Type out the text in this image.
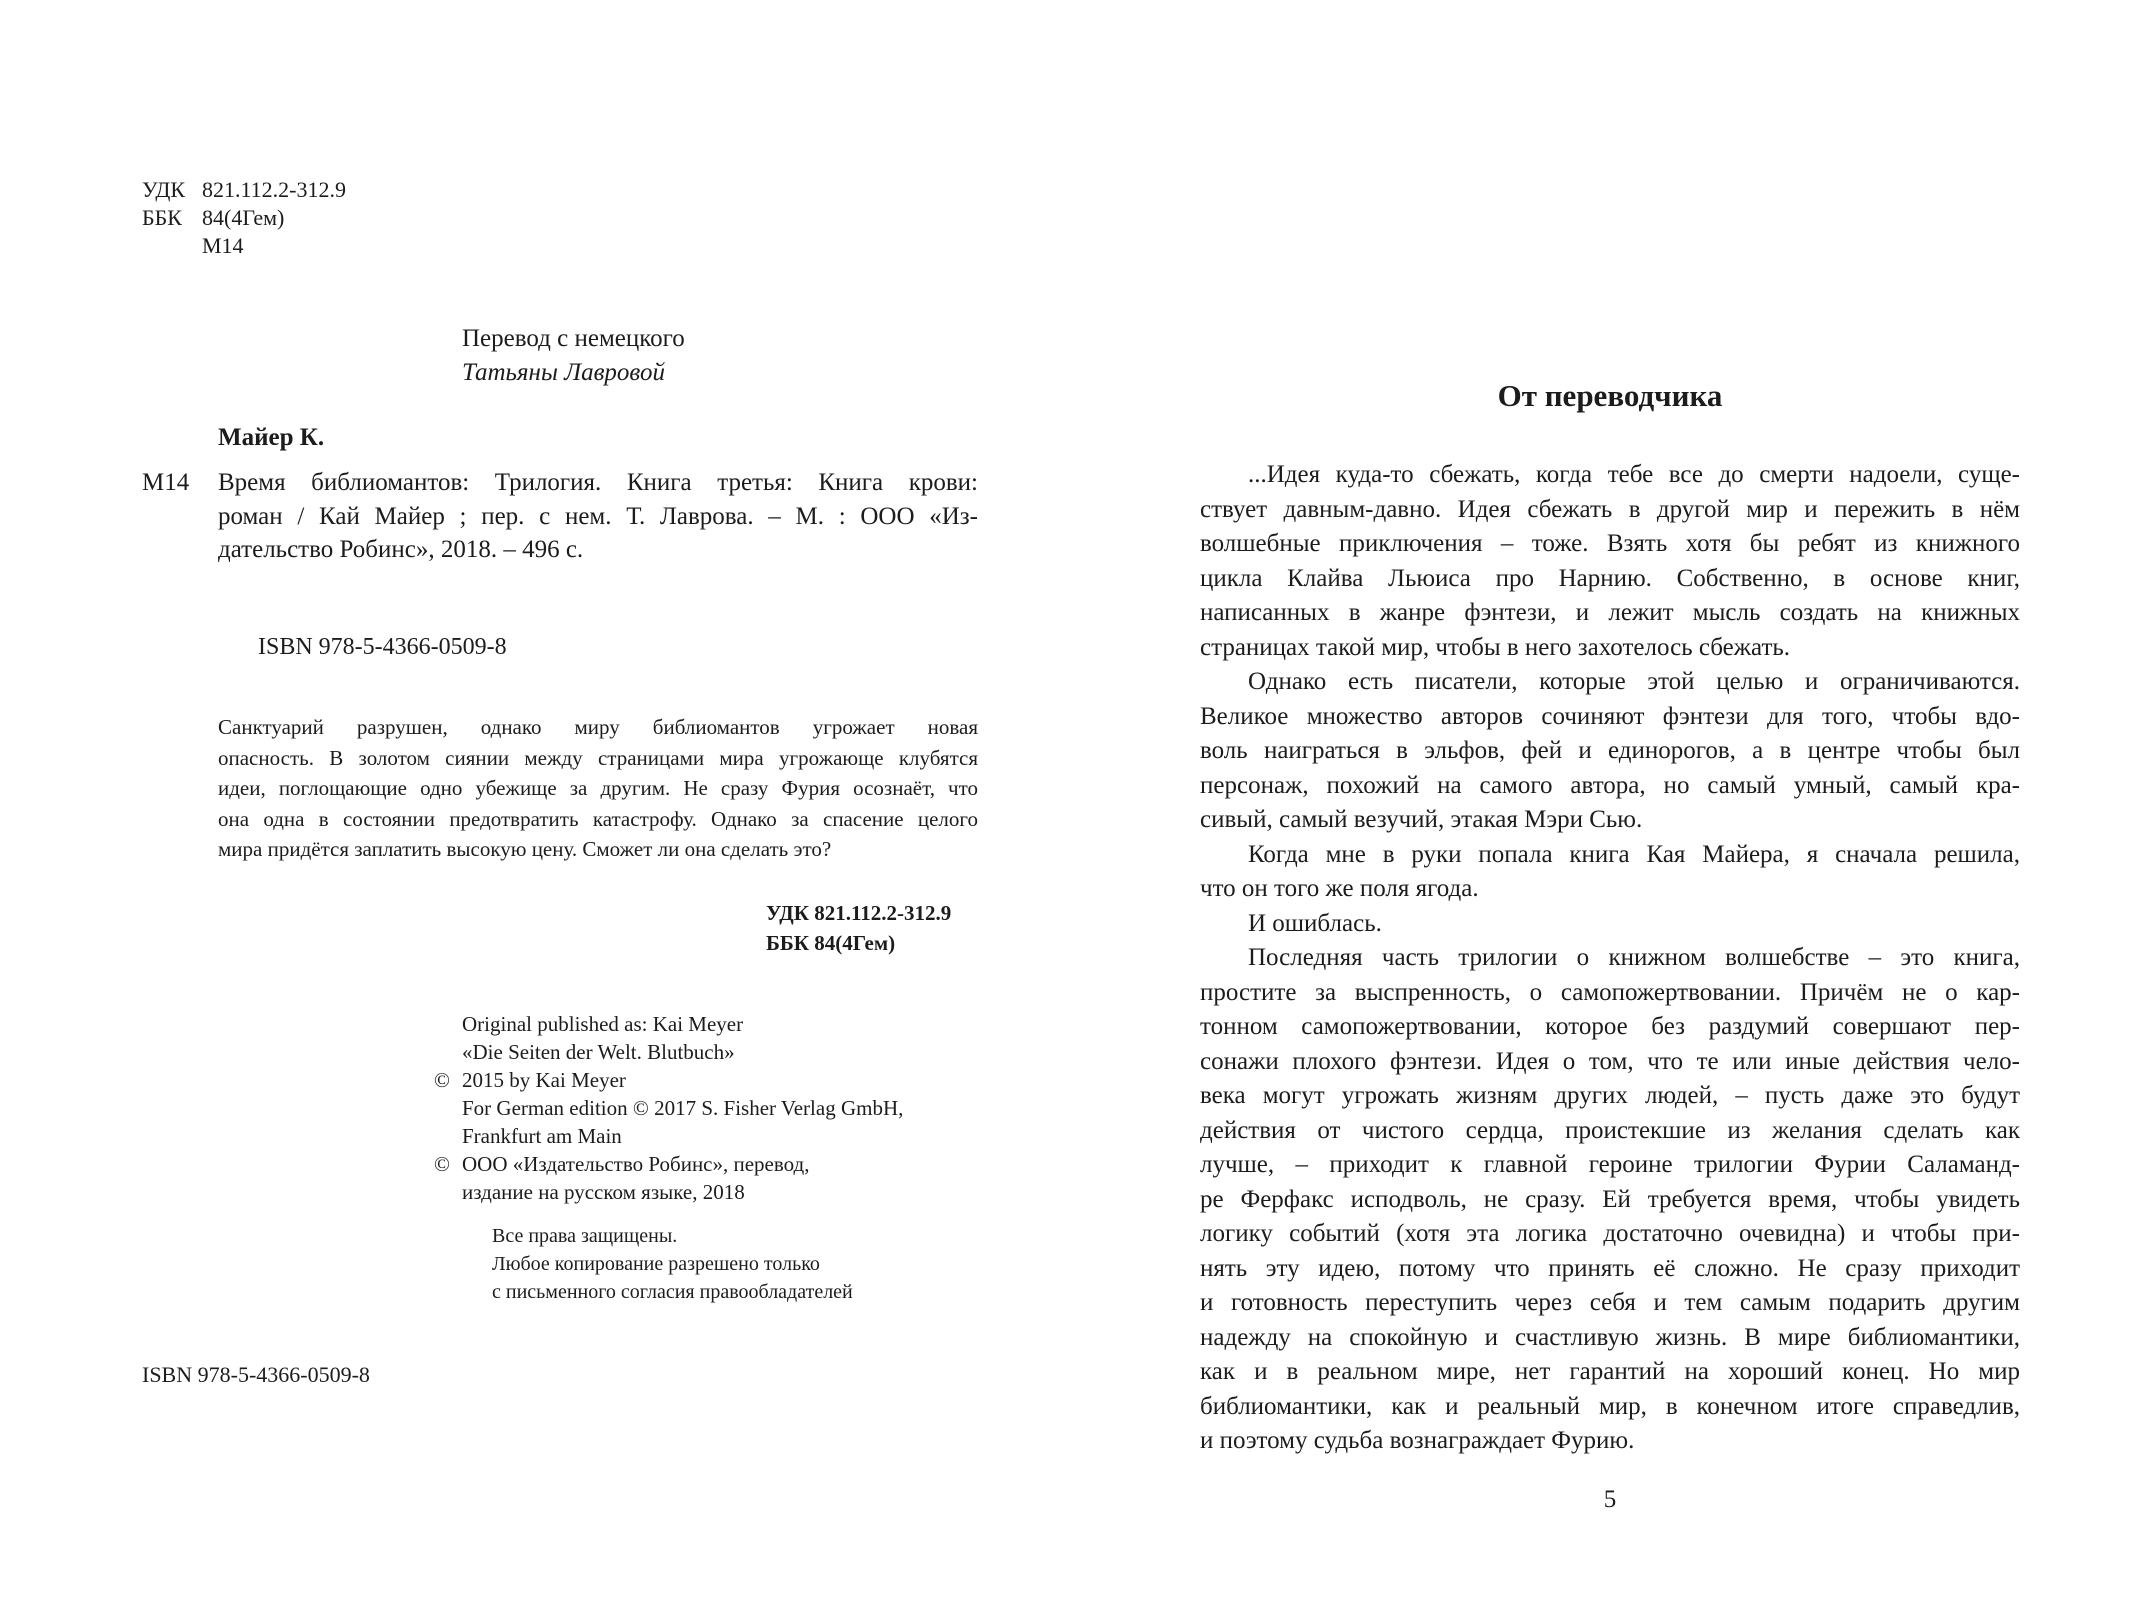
УДК 821.112.2-312.9
ББК 84(4Гем)
М14
Перевод с немецкого
Татьяны Лавровой
Майер К.
М14 Время библиомантов: Трилогия. Книга третья: Книга крови:
роман / Кай Майер ; пер. с нем. Т. Лаврова. – М. : ООО «Из-
дательство Робинс», 2018. – 496 с.
ISBN 978-5-4366-0509-8
Санктуарий разрушен, однако миру библиомантов угрожает новая
опасность. В золотом сиянии между страницами мира угрожающе клубятся
идеи, поглощающие одно убежище за другим. Не сразу Фурия осознаёт, что
она одна в состоянии предотвратить катастрофу. Однако за спасение целого
мира придётся заплатить высокую цену. Сможет ли она сделать это?
УДК 821.112.2-312.9
ББК 84(4Гем)
Original published as: Kai Meyer
«Die Seiten der Welt. Blutbuch»
© 2015 by Kai Meyer
For German edition © 2017 S. Fisher Verlag GmbH,
Frankfurt am Main
© ООО «Издательство Робинс», перевод,
издание на русском языке, 2018
Все права защищены.
Любое копирование разрешено только
с письменного согласия правообладателей
ISBN 978-5-4366-0509-8
От переводчика
...Идея куда-то сбежать, когда тебе все до смерти надоели, суще-
ствует давным-давно. Идея сбежать в другой мир и пережить в нём
волшебные приключения – тоже. Взять хотя бы ребят из книжного
цикла Клайва Льюиса про Нарнию. Собственно, в основе книг,
написанных в жанре фэнтези, и лежит мысль создать на книжных
страницах такой мир, чтобы в него захотелось сбежать.
Однако есть писатели, которые этой целью и ограничиваются.
Великое множество авторов сочиняют фэнтези для того, чтобы вдо-
воль наиграться в эльфов, фей и единорогов, а в центре чтобы был
персонаж, похожий на самого автора, но самый умный, самый кра-
сивый, самый везучий, этакая Мэри Сью.
Когда мне в руки попала книга Кая Майера, я сначала решила,
что он того же поля ягода.
И ошиблась.
Последняя часть трилогии о книжном волшебстве – это книга,
простите за выспренность, о самопожертвовании. Причём не о кар-
тонном самопожертвовании, которое без раздумий совершают пер-
сонажи плохого фэнтези. Идея о том, что те или иные действия чело-
века могут угрожать жизням других людей, – пусть даже это будут
действия от чистого сердца, проистекшие из желания сделать как
лучше, – приходит к главной героине трилогии Фурии Саламанд-
ре Ферфакс исподволь, не сразу. Ей требуется время, чтобы увидеть
логику событий (хотя эта логика достаточно очевидна) и чтобы при-
нять эту идею, потому что принять её сложно. Не сразу приходит
и готовность переступить через себя и тем самым подарить другим
надежду на спокойную и счастливую жизнь. В мире библиомантики,
как и в реальном мире, нет гарантий на хороший конец. Но мир
библиомантики, как и реальный мир, в конечном итоге справедлив,
и поэтому судьба вознаграждает Фурию.
5
